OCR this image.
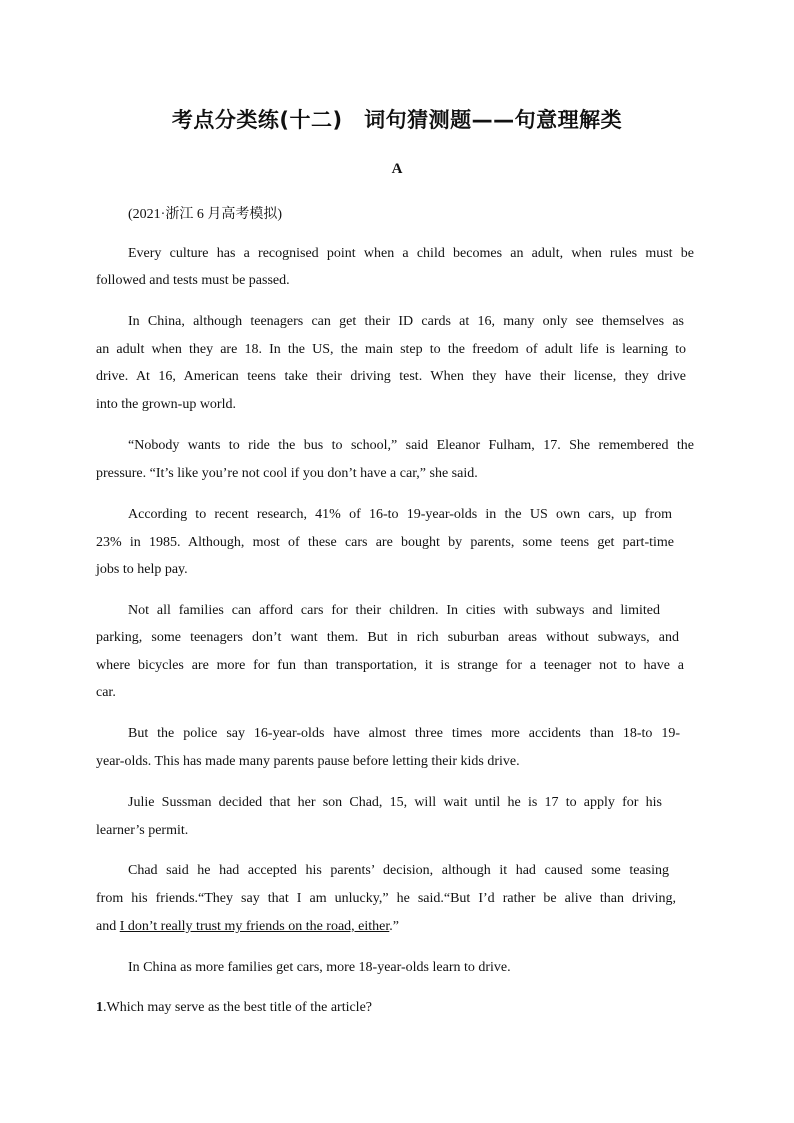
考点分类练(十二)　词句猜测题——句意理解类
A
(2021·浙江 6 月高考模拟)
Every culture has a recognised point when a child becomes an adult, when rules must be
followed and tests must be passed.
In China, although teenagers can get their ID cards at 16, many only see themselves as
an adult when they are 18. In the US, the main step to the freedom of adult life is learning to
drive. At 16, American teens take their driving test. When they have their license, they drive
into the grown-up world.
“Nobody wants to ride the bus to school,” said Eleanor Fulham, 17. She remembered the
pressure. “It’s like you’re not cool if you don’t have a car,” she said.
According to recent research, 41% of 16-to 19-year-olds in the US own cars, up from
23% in 1985. Although, most of these cars are bought by parents, some teens get part-time
jobs to help pay.
Not all families can afford cars for their children. In cities with subways and limited
parking, some teenagers don’t want them. But in rich suburban areas without subways, and
where bicycles are more for fun than transportation, it is strange for a teenager not to have a
car.
But the police say 16-year-olds have almost three times more accidents than 18-to 19-
year-olds. This has made many parents pause before letting their kids drive.
Julie Sussman decided that her son Chad, 15, will wait until he is 17 to apply for his
learner’s permit.
Chad said he had accepted his parents’ decision, although it had caused some teasing
from his friends.“They say that I am unlucky,” he said.“But I’d rather be alive than driving,
and I don’t really trust my friends on the road, either.”
In China as more families get cars, more 18-year-olds learn to drive.
1.Which may serve as the best title of the article?
